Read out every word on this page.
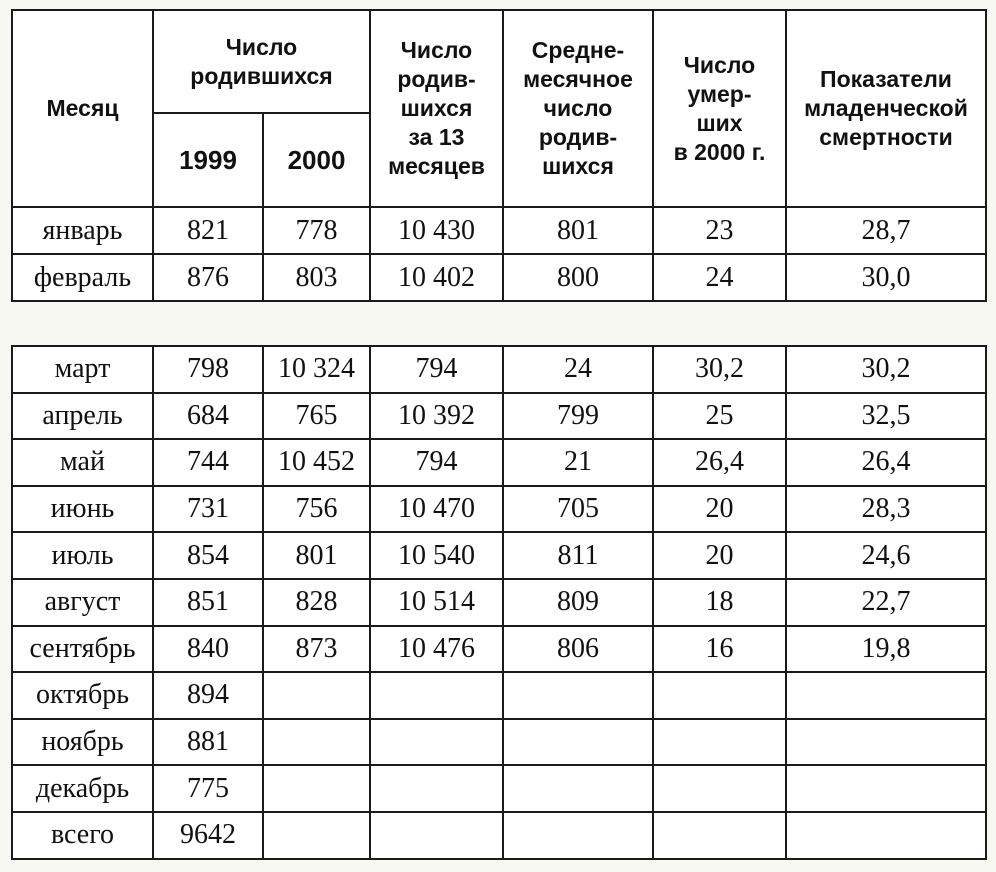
Месяц	Число родившихся		Число
родив-
шихся
за 13
месяцев	Средне-
месячное
число
родив-
шихся	Число
умер-
ших
в 2000 г.	Показатели
младенческой
смертности
	1999	2000				
январь	821	778	10 430	801	23	28,7
февраль	876	803	10 402	800	24	30,0
март	798	10 324	794	24	30,2	30,2
апрель	684	765	10 392	799	25	32,5
май	744	10 452	794	21	26,4	26,4
июнь	731	756	10 470	705	20	28,3
июль	854	801	10 540	811	20	24,6
август	851	828	10 514	809	18	22,7
сентябрь	840	873	10 476	806	16	19,8
октябрь	894					
ноябрь	881					
декабрь	775					
всего	9642					
